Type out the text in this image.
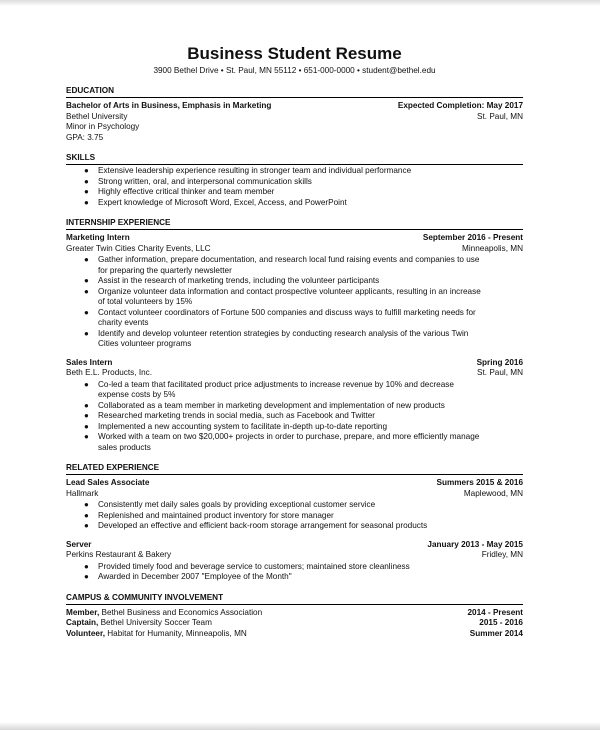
Business Student Resume
3900 Bethel Drive • St. Paul, MN 55112 • 651-000-0000 • student@bethel.edu
EDUCATION
Bachelor of Arts in Business, Emphasis in Marketing	Expected Completion: May 2017
Bethel University	St. Paul, MN
Minor in Psychology
GPA: 3.75
SKILLS
● Extensive leadership experience resulting in stronger team and individual performance
● Strong written, oral, and interpersonal communication skills
● Highly effective critical thinker and team member
● Expert knowledge of Microsoft Word, Excel, Access, and PowerPoint
INTERNSHIP EXPERIENCE
Marketing Intern	September 2016 - Present
Greater Twin Cities Charity Events, LLC	Minneapolis, MN
● Gather information, prepare documentation, and research local fund raising events and companies to use for preparing the quarterly newsletter
● Assist in the research of marketing trends, including the volunteer participants
● Organize volunteer data information and contact prospective volunteer applicants, resulting in an increase of total volunteers by 15%
● Contact volunteer coordinators of Fortune 500 companies and discuss ways to fulfill marketing needs for charity events
● Identify and develop volunteer retention strategies by conducting research analysis of the various Twin Cities volunteer programs
Sales Intern	Spring 2016
Beth E.L. Products, Inc.	St. Paul, MN
● Co-led a team that facilitated product price adjustments to increase revenue by 10% and decrease expense costs by 5%
● Collaborated as a team member in marketing development and implementation of new products
● Researched marketing trends in social media, such as Facebook and Twitter
● Implemented a new accounting system to facilitate in-depth up-to-date reporting
● Worked with a team on two $20,000+ projects in order to purchase, prepare, and more efficiently manage sales products
RELATED EXPERIENCE
Lead Sales Associate	Summers 2015 & 2016
Hallmark	Maplewood, MN
● Consistently met daily sales goals by providing exceptional customer service
● Replenished and maintained product inventory for store manager
● Developed an effective and efficient back-room storage arrangement for seasonal products
Server	January 2013 - May 2015
Perkins Restaurant & Bakery	Fridley, MN
● Provided timely food and beverage service to customers; maintained store cleanliness
● Awarded in December 2007 "Employee of the Month"
CAMPUS & COMMUNITY INVOLVEMENT
Member, Bethel Business and Economics Association	2014 - Present
Captain, Bethel University Soccer Team	2015 - 2016
Volunteer, Habitat for Humanity, Minneapolis, MN	Summer 2014
